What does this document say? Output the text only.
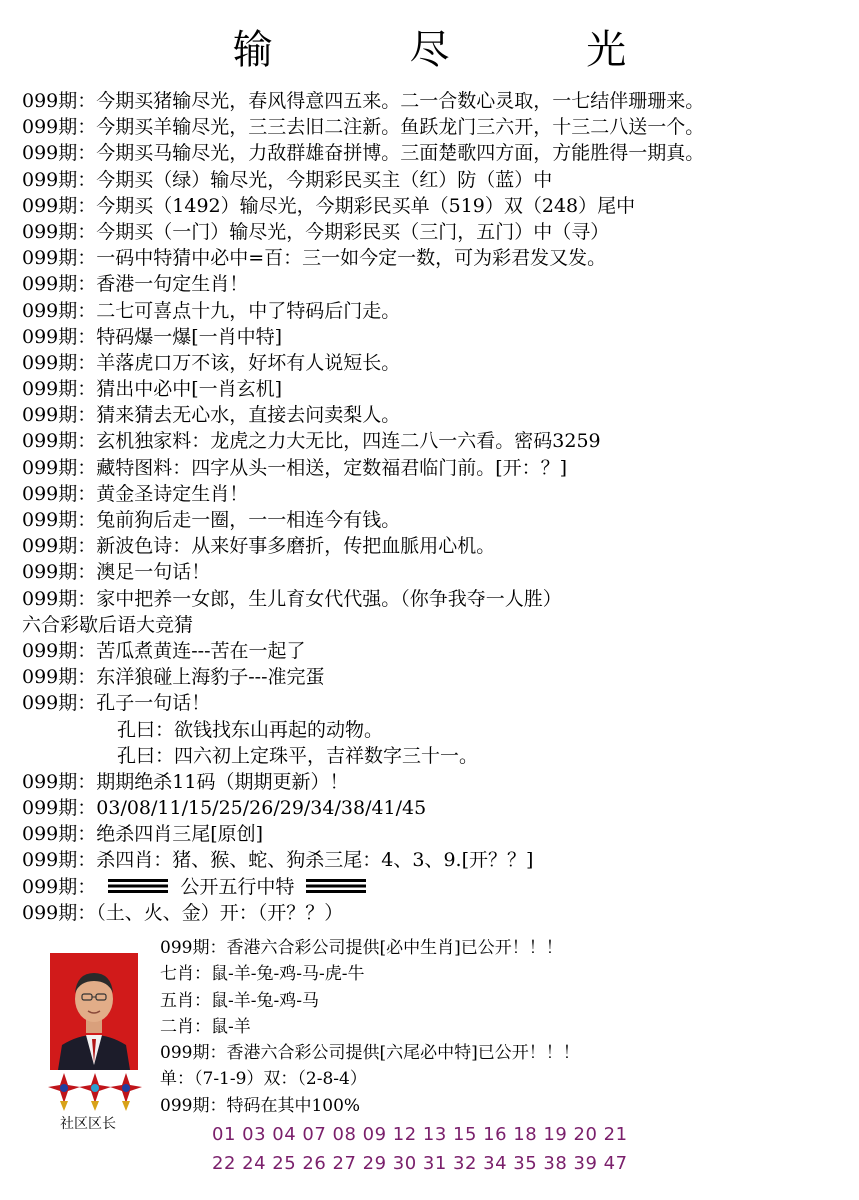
输 尽 光
099期：今期买猪输尽光，春风得意四五来。二一合数心灵取，一七结伴珊珊来。
099期：今期买羊输尽光，三三去旧二注新。鱼跃龙门三六开，十三二八送一个。
099期：今期买马输尽光，力敌群雄奋拼博。三面楚歌四方面，方能胜得一期真。
099期：今期买（绿）输尽光，今期彩民买主（红）防（蓝）中
099期：今期买（1492）输尽光，今期彩民买单（519）双（248）尾中
099期：今期买（一门）输尽光，今期彩民买（三门，五门）中（寻）
099期：一码中特猜中必中=百：三一如今定一数，可为彩君发又发。
099期：香港一句定生肖！
099期：二七可喜点十九，中了特码后门走。
099期：特码爆一爆[一肖中特]
099期：羊落虎口万不该，好坏有人说短长。
099期：猜出中必中[一肖玄机]
099期：猜来猜去无心水，直接去问卖梨人。
099期：玄机独家料：龙虎之力大无比，四连二八一六看。密码3259
099期：藏特图料：四字从头一相送，定数福君临门前。[开：？]
099期：黄金圣诗定生肖！
099期：兔前狗后走一圈，一一相连今有钱。
099期：新波色诗：从来好事多磨折，传把血脈用心机。
099期：澳足一句话！
099期：家中把养一女郎，生儿育女代代强。（你争我夺一人胜）
六合彩歇后语大竞猜
099期：苦瓜煮黄连---苦在一起了
099期：东洋狼碰上海豹子---准完蛋
099期：孔子一句话！
孔曰：欲钱找东山再起的动物。
孔曰：四六初上定珠平，吉祥数字三十一。
099期：期期绝杀11码（期期更新）！
099期：03/08/11/15/25/26/29/34/38/41/45
099期：绝杀四肖三尾[原创]
099期：杀四肖：猪、猴、蛇、狗杀三尾：4、3、9.[开？？]
099期：	公开五行中特
099期：（土、火、金）开：（开？？）
社区区长
099期：香港六合彩公司提供[必中生肖]已公开！！！
七肖：鼠-羊-兔-鸡-马-虎-牛
五肖：鼠-羊-兔-鸡-马
二肖：鼠-羊
099期：香港六合彩公司提供[六尾必中特]已公开！！！
单：（7-1-9）双：（2-8-4）
099期：特码在其中100%
01 03 04 07 08 09 12 13 15 16 18 19 20 21
22 24 25 26 27 29 30 31 32 34 35 38 39 47
